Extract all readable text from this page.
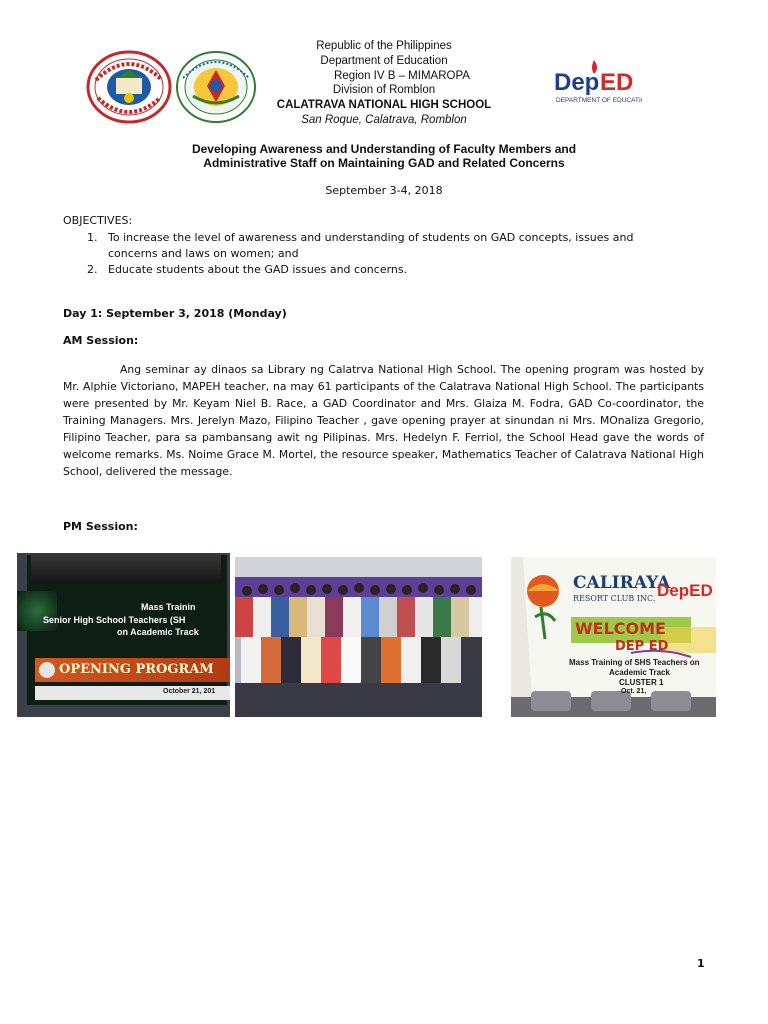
Dep ED
DEPARTMENT OF EDUCATION
Republic of the Philippines
Department of Education
Region IV B – MIMAROPA
Division of Romblon
CALATRAVA NATIONAL HIGH SCHOOL
San Roque, Calatrava, Romblon
Developing Awareness and Understanding of Faculty Members and
Administrative Staff on Maintaining GAD and Related Concerns
September 3-4, 2018
OBJECTIVES:
1. To increase the level of awareness and understanding of students on GAD concepts, issues and
concerns and laws on women; and
2. Educate students about the GAD issues and concerns.
Day 1: September 3, 2018 (Monday)
AM Session:
Ang seminar ay dinaos sa Library ng Calatrva National High School. The opening program was hosted by Mr. Alphie Victoriano, MAPEH teacher, na may 61 participants of the Calatrava National High School. The participants were presented by Mr. Keyam Niel B. Race, a GAD Coordinator and Mrs. Glaiza M. Fodra, GAD Co-coordinator, the Training Managers. Mrs. Jerelyn Mazo, Filipino Teacher , gave opening prayer at sinundan ni Mrs. MOnaliza Gregorio, Filipino Teacher, para sa pambansang awit ng Pilipinas. Mrs. Hedelyn F. Ferriol, the School Head gave the words of welcome remarks. Ms. Noime Grace M. Mortel, the resource speaker, Mathematics Teacher of Calatrava National High School, delivered the message.
PM Session:
Mass Trainin
Senior High School Teachers (SH
on Academic Track
OPENING PROGRAM
October 21, 201
CALIRAYA
RESORT CLUB INC. DepED
WELCOME
DEP ED
Mass Training of SHS Teachers on
Academic Track
CLUSTER 1
Oct. 21,
1
